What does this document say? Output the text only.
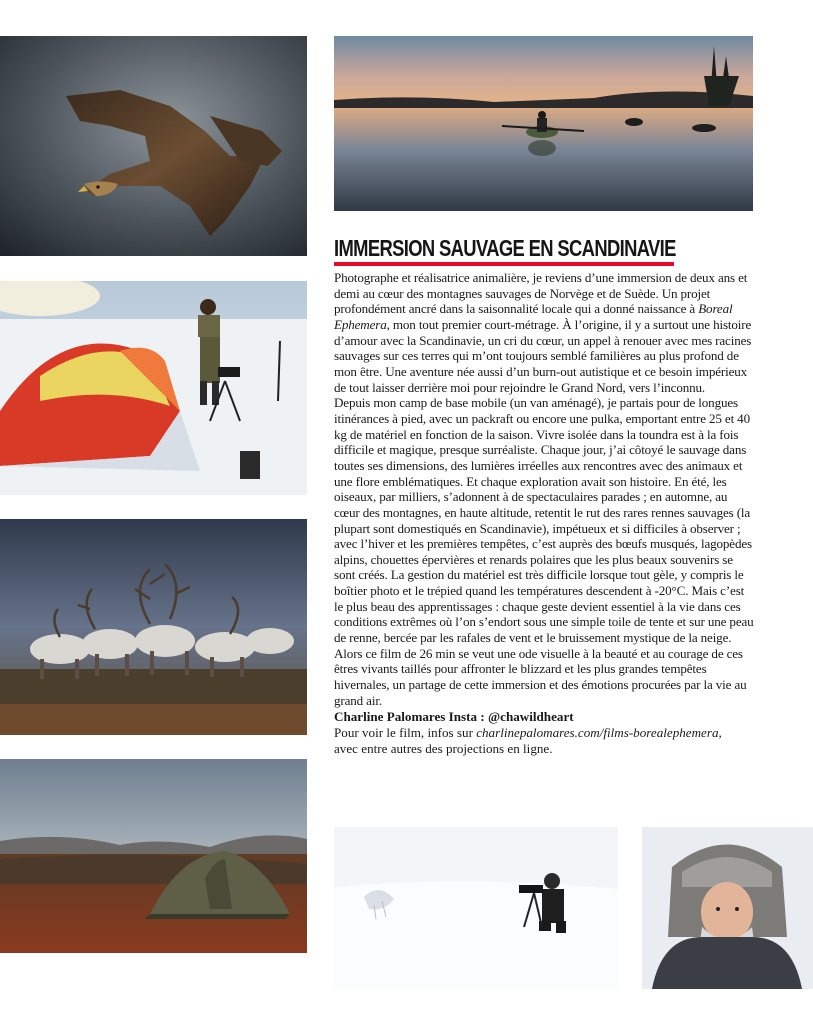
IMMERSION SAUVAGE EN SCANDINAVIE

Photographe et réalisatrice animalière, je reviens d’une immersion de deux ans et demi au cœur des montagnes sauvages de Norvège et de Suède. Un projet profondément ancré dans la saisonnalité locale qui a donné naissance à Boreal Ephemera, mon tout premier court-métrage. À l’origine, il y a surtout une histoire d’amour avec la Scandinavie, un cri du cœur, un appel à renouer avec mes racines sauvages sur ces terres qui m’ont toujours semblé familières au plus profond de mon être. Une aventure née aussi d’un burn-out autistique et ce besoin impérieux de tout laisser derrière moi pour rejoindre le Grand Nord, vers l’inconnu.

Depuis mon camp de base mobile (un van aménagé), je partais pour de longues itinérances à pied, avec un packraft ou encore une pulka, emportant entre 25 et 40 kg de matériel en fonction de la saison. Vivre isolée dans la toundra est à la fois difficile et magique, presque surréaliste. Chaque jour, j’ai côtoyé le sauvage dans toutes ses dimensions, des lumières irréelles aux rencontres avec des animaux et une flore emblématiques. Et chaque exploration avait son histoire. En été, les oiseaux, par milliers, s’adonnent à de spectaculaires parades ; en automne, au cœur des montagnes, en haute altitude, retentit le rut des rares rennes sauvages (la plupart sont domestiqués en Scandinavie), impétueux et si difficiles à observer ; avec l’hiver et les premières tempêtes, c’est auprès des bœufs musqués, lagopèdes alpins, chouettes épervières et renards polaires que les plus beaux souvenirs se sont créés. La gestion du matériel est très difficile lorsque tout gèle, y compris le boîtier photo et le trépied quand les températures descendent à -20°C. Mais c’est le plus beau des apprentissages : chaque geste devient essentiel à la vie dans ces conditions extrêmes où l’on s’endort sous une simple toile de tente et sur une peau de renne, bercée par les rafales de vent et le bruissement mystique de la neige.

Alors ce film de 26 min se veut une ode visuelle à la beauté et au courage de ces êtres vivants taillés pour affronter le blizzard et les plus grandes tempêtes hivernales, un partage de cette immersion et des émotions procurées par la vie au grand air.

Charline Palomares Insta : @chawildheart

Pour voir le film, infos sur charlinepalomares.com/films-borealephemera,
avec entre autres des projections en ligne.
